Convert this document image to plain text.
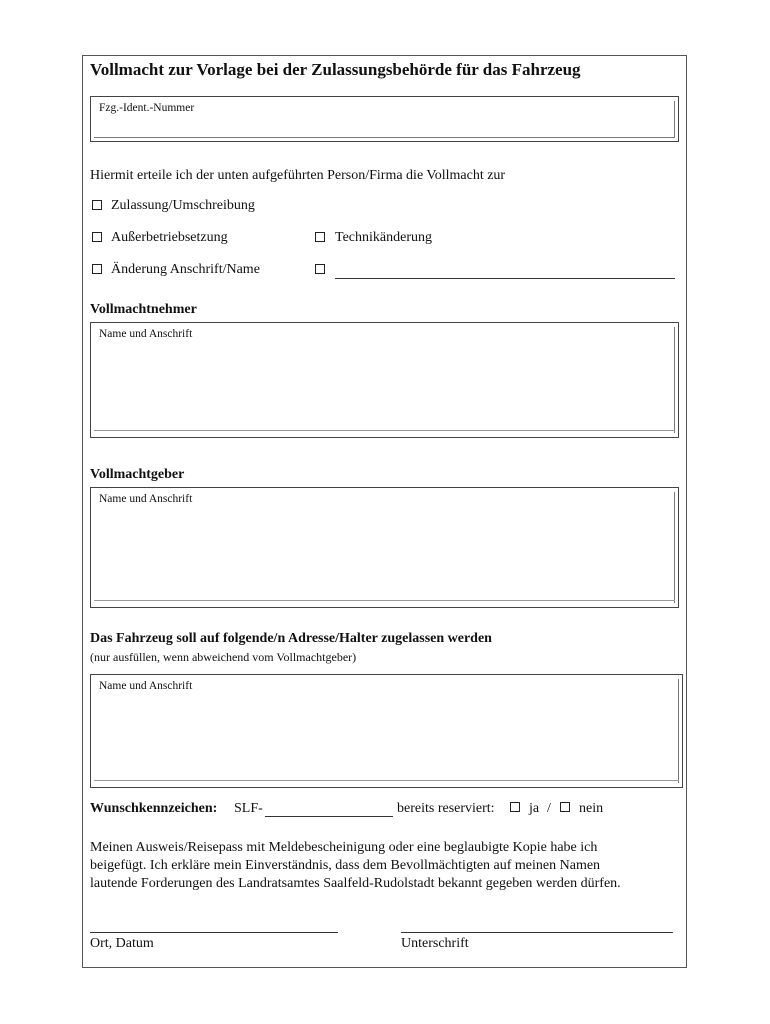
Vollmacht zur Vorlage bei der Zulassungsbehörde für das Fahrzeug
Fzg.-Ident.-Nummer
Hiermit erteile ich der unten aufgeführten Person/Firma die Vollmacht zur
Zulassung/Umschreibung
Außerbetriebsetzung	Technikänderung
Änderung Anschrift/Name
Vollmachtnehmer
Name und Anschrift
Vollmachtgeber
Name und Anschrift
Das Fahrzeug soll auf folgende/n Adresse/Halter zugelassen werden
(nur ausfüllen, wenn abweichend vom Vollmachtgeber)
Name und Anschrift
Wunschkennzeichen: SLF-	bereits reserviert: ja / nein
Meinen Ausweis/Reisepass mit Meldebescheinigung oder eine beglaubigte Kopie habe ich
beigefügt. Ich erkläre mein Einverständnis, dass dem Bevollmächtigten auf meinen Namen
lautende Forderungen des Landratsamtes Saalfeld-Rudolstadt bekannt gegeben werden dürfen.
Ort, Datum	Unterschrift
